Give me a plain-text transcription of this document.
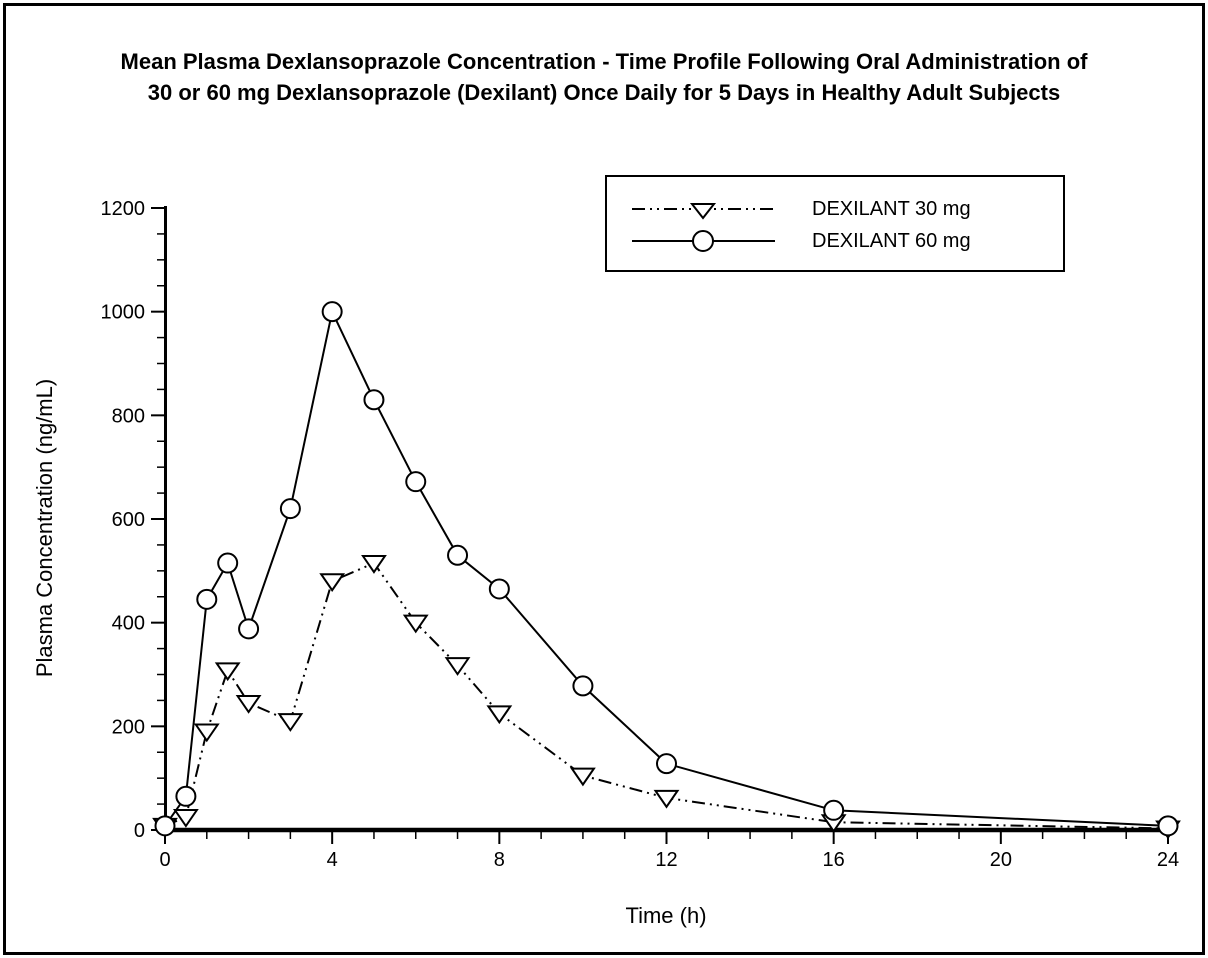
Mean Plasma Dexlansoprazole Concentration - Time Profile Following Oral Administration of
30 or 60 mg Dexlansoprazole (Dexilant) Once Daily for 5 Days in Healthy Adult Subjects
0	4	8	12	16	20	24
0
200
400
600
800
1000
1200
Plasma Concentration (ng/mL)
Time (h)
DEXILANT 30 mg
DEXILANT 60 mg
